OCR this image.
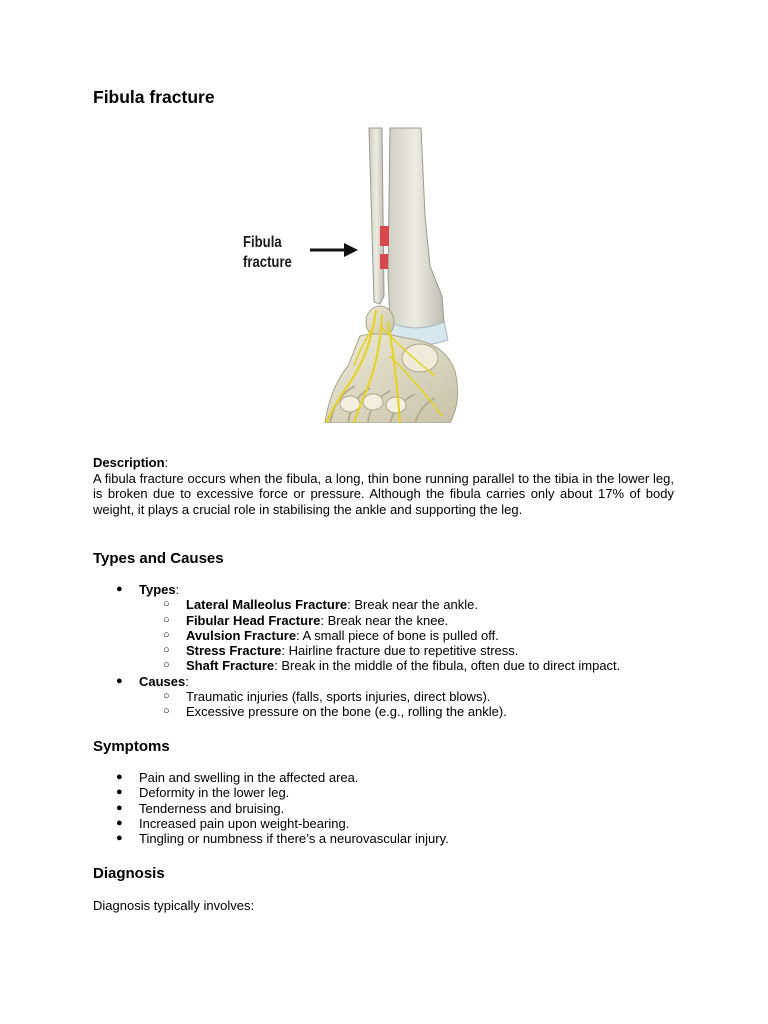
Fibula fracture
Fibula
fracture
Description:

A fibula fracture occurs when the fibula, a long, thin bone running parallel to the tibia in the lower leg, is broken due to excessive force or pressure. Although the fibula carries only about 17% of body weight, it plays a crucial role in stabilising the ankle and supporting the leg.

Types and Causes
● Types:
○ Lateral Malleolus Fracture: Break near the ankle.
○ Fibular Head Fracture: Break near the knee.
○ Avulsion Fracture: A small piece of bone is pulled off.
○ Stress Fracture: Hairline fracture due to repetitive stress.
○ Shaft Fracture: Break in the middle of the fibula, often due to direct impact.
● Causes:
○ Traumatic injuries (falls, sports injuries, direct blows).
○ Excessive pressure on the bone (e.g., rolling the ankle).
Symptoms
● Pain and swelling in the affected area.
● Deformity in the lower leg.
● Tenderness and bruising.
● Increased pain upon weight-bearing.
● Tingling or numbness if there’s a neurovascular injury.
Diagnosis
Diagnosis typically involves:
